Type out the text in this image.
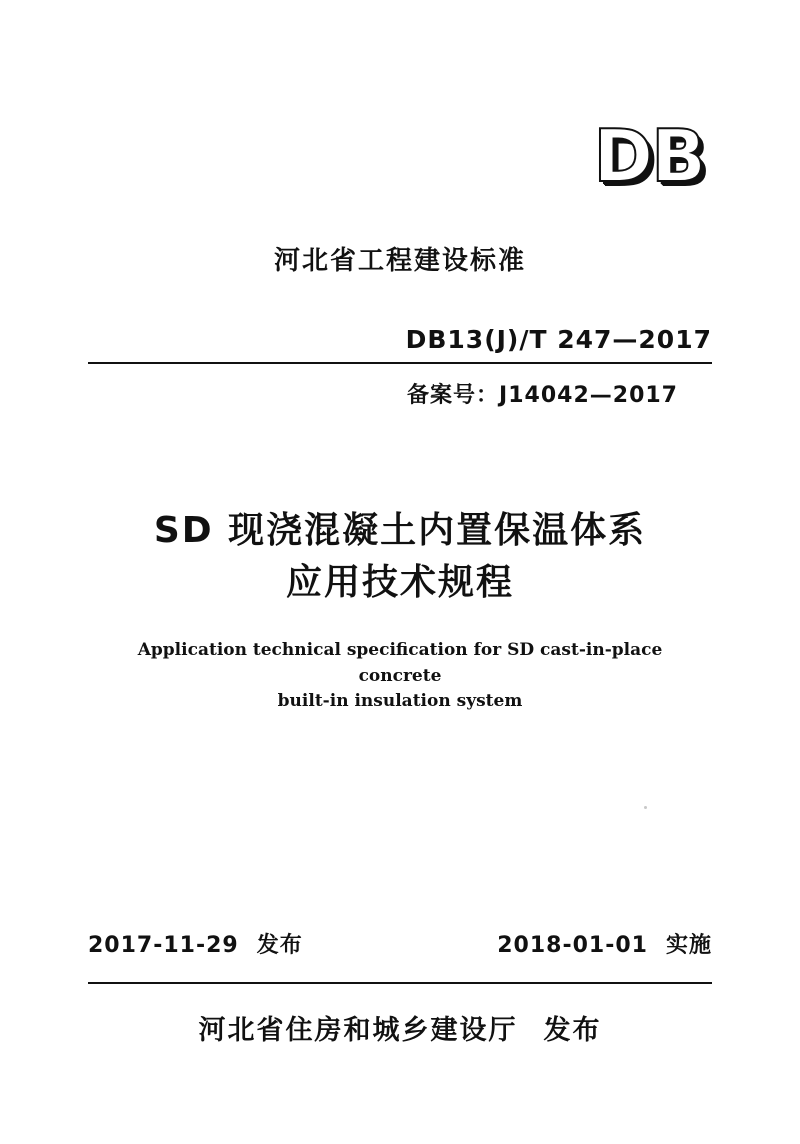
DB
河北省工程建设标准
DB13(J)/T 247—2017
备案号：J14042—2017
SD 现浇混凝土内置保温体系
应用技术规程
Application technical specification for SD cast-in-place concrete
built-in insulation system
2017-11-29 发布	2018-01-01 实施
河北省住房和城乡建设厅 发布
